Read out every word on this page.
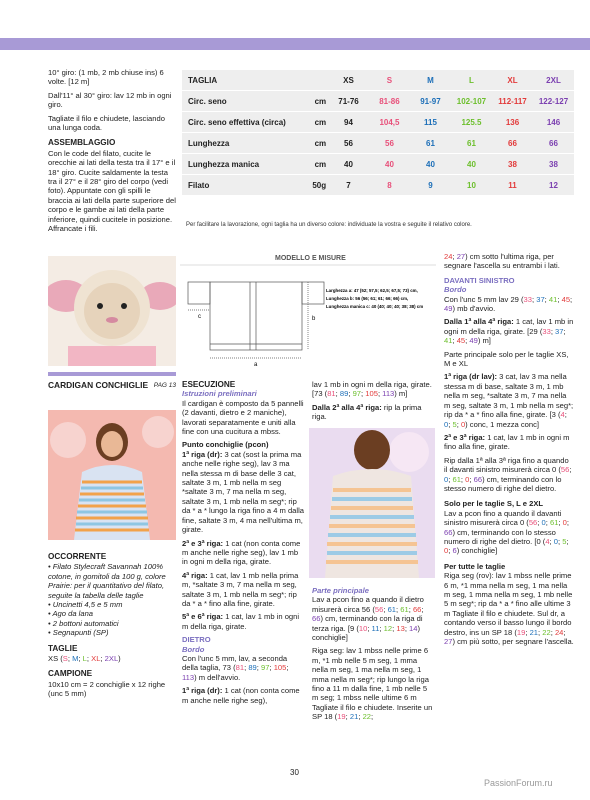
10° giro: (1 mb, 2 mb chiuse ins) 6 volte. [12 m]

Dall'11° al 30° giro: lav 12 mb in ogni giro.

Tagliate il filo e chiudete, lasciando una lunga coda.

ASSEMBLAGGIO

Con le code del filato, cucite le orecchie ai lati della testa tra il 17° e il 18° giro. Cucite saldamente la testa tra il 27° e il 28° giro del corpo (vedi foto). Appuntate con gli spilli le braccia ai lati della parte superiore del corpo e le gambe ai lati della parte inferiore, quindi cucitele in posizione. Affrancate i fili.

CARDIGAN CONCHIGLIE PAG 13
OCCORRENTE
• Filato Stylecraft Savannah 100% cotone, in gomitoli da 100 g, colore Prairie: per il quantitativo del filato, seguite la tabella delle taglie
• Uncinetti 4,5 e 5 mm
• Ago da lana
• 2 bottoni automatici
• Segnapunti (SP)
TAGLIE
XS (S; M; L; XL; 2XL)
CAMPIONE
10x10 cm = 2 conchiglie x 12 righe (unc 5 mm)
TAGLIA		XS	S	M	L	XL	2XL
Circ. seno	cm	71-76	81-86	91-97	102-107	112-117	122-127
Circ. seno effettiva (circa)	cm	94	104,5	115	125.5	136	146
Lunghezza	cm	56	56	61	61	66	66
Lunghezza manica	cm	40	40	40	40	38	38
Filato	50g	7	8	9	10	11	12
Per facilitare la lavorazione, ogni taglia ha un diverso colore: individuate la vostra e seguite il relativo colore.
a
b
c
Larghezza a: 47 (52; 57,5; 62,5; 67,5; 73) cm,
Lunghezza b: 56 (56; 61; 61; 66; 66) cm,
Lunghezza manica c: 40 (40; 40; 40; 38; 38) cm
MODELLO E MISURE
ESECUZIONE
Istruzioni preliminari

Il cardigan è composto da 5 pannelli (2 davanti, dietro e 2 maniche), lavorati separatamente e uniti alla fine con una cucitura a mbss.

Punto conchiglie (pcon)

1ª riga (dr): 3 cat (sost la prima ma anche nelle righe seg), lav 3 ma nella stessa m di base delle 3 cat, saltate 3 m, 1 mb nella m seg *saltate 3 m, 7 ma nella m seg, saltate 3 m, 1 mb nella m seg*; rip da * a * lungo la riga fino a 4 m dalla fine, saltate 3 m, 4 ma nell'ultima m, girate.

2ª e 3ª riga: 1 cat (non conta come m anche nelle righe seg), lav 1 mb in ogni m della riga, girate.

4ª riga: 1 cat, lav 1 mb nella prima m, *saltate 3 m, 7 ma nella m seg, saltate 3 m, 1 mb nella m seg*; rip da * a * fino alla fine, girate.

5ª e 6ª riga: 1 cat, lav 1 mb in ogni m della riga, girate.

DIETRO
Bordo

Con l'unc 5 mm, lav, a seconda della taglia, 73 (81; 89; 97; 105; 113) m dell'avvio.

1ª riga (dr): 1 cat (non conta come m anche nelle righe seg),

lav 1 mb in ogni m della riga, girate. [73 (81; 89; 97; 105; 113) m]

Dalla 2ª alla 4ª riga: rip la prima riga.

Parte principale

Lav a pcon fino a quando il dietro misurerà circa 56 (56; 61; 61; 66; 66) cm, terminando con la riga di terza riga. [9 (10; 11; 12; 13; 14) conchiglie]

Riga seg: lav 1 mbss nelle prime 6 m, *1 mb nelle 5 m seg, 1 mma nella m seg, 1 ma nella m seg, 1 mma nella m seg*; rip lungo la riga fino a 11 m dalla fine, 1 mb nelle 5 m seg; 1 mbss nelle ultime 6 m Tagliate il filo e chiudete. Inserite un SP 18 (19; 21; 22;

24; 27) cm sotto l'ultima riga, per segnare l'ascella su entrambi i lati.

DAVANTI SINISTRO
Bordo

Con l'unc 5 mm lav 29 (33; 37; 41; 45; 49) mb d'avvio.

Dalla 1ª alla 4ª riga: 1 cat, lav 1 mb in ogni m della riga, girate. [29 (33; 37; 41; 45; 49) m]

Parte principale solo per le taglie XS, M e XL

1ª riga (dr lav): 3 cat, lav 3 ma nella stessa m di base, saltate 3 m, 1 mb nella m seg, *saltate 3 m, 7 ma nella m seg, saltate 3 m, 1 mb nella m seg*; rip da * a * fino alla fine, girate. [3 (4; 0; 5; 0) conc, 1 mezza conc]

2ª e 3ª riga: 1 cat, lav 1 mb in ogni m fino alla fine, girate.

Rip dalla 1ª alla 3ª riga fino a quando il davanti sinistro misurerà circa 0 (56; 0; 61; 0; 66) cm, terminando con lo stesso numero di righe del dietro.

Solo per le taglie S, L e 2XL

Lav a pcon fino a quando il davanti sinistro misurerà circa 0 (56; 0; 61; 0; 66) cm, terminando con lo stesso numero di righe del dietro. [0 (4; 0; 5; 0; 6) conchiglie]

Per tutte le taglie

Riga seg (rov): lav 1 mbss nelle prime 6 m, *1 mma nella m seg, 1 ma nella m seg, 1 mma nella m seg, 1 mb nelle 5 m seg*; rip da * a * fino alle ultime 3 m Tagliate il filo e chiudete. Sul dr, a contando verso il basso lungo il bordo destro, ins un SP 18 (19; 21; 22; 24; 27) cm più sotto, per segnare l'ascella.

30
PassionForum.ru
